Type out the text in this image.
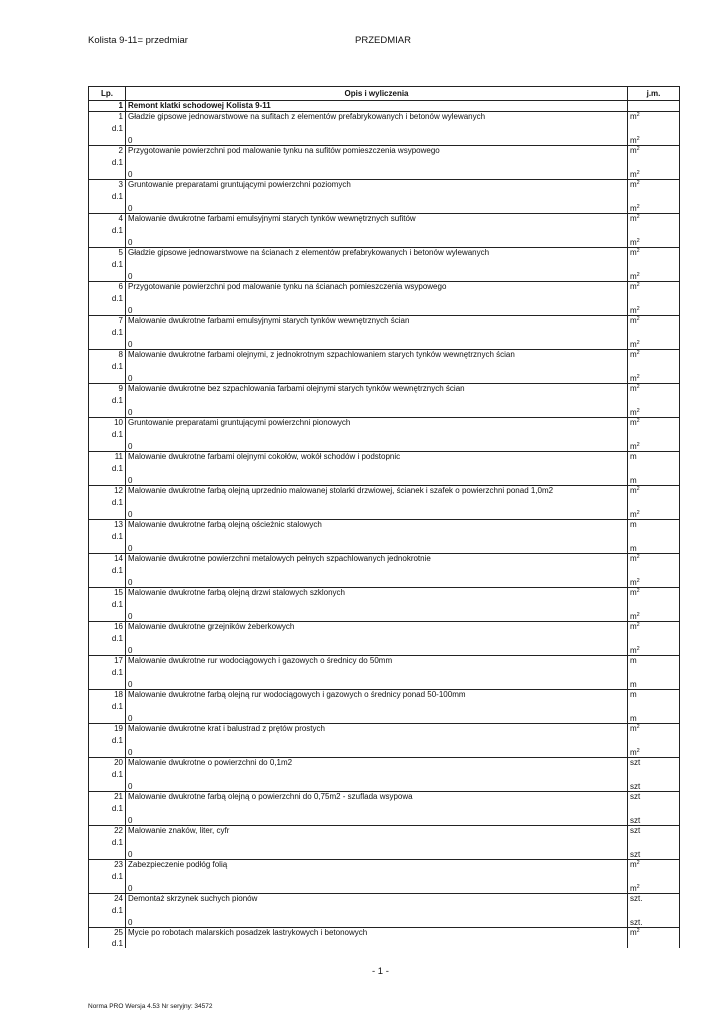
Kolista 9-11= przedmiar	PRZEDMIAR
Lp.	Opis i wyliczenia	j.m.
1	Remont klatki schodowej Kolista 9-11	
1	Gładzie gipsowe jednowarstwowe na sufitach z elementów prefabrykowanych i betonów wylewanych	$m^2$
d.1		
	0	$m^2$
2	Przygotowanie powierzchni pod malowanie tynku na sufitów pomieszczenia wsypowego	$m^2$
d.1		
	0	$m^2$
3	Gruntowanie preparatami gruntującymi powierzchni poziomych	$m^2$
d.1		
	0	$m^2$
4	Malowanie dwukrotne farbami emulsyjnymi starych tynków wewnętrznych sufitów	$m^2$
d.1		
	0	$m^2$
5	Gładzie gipsowe jednowarstwowe na ścianach z elementów prefabrykowanych i betonów wylewanych	$m^2$
d.1		
	0	$m^2$
6	Przygotowanie powierzchni pod malowanie tynku na ścianach pomieszczenia wsypowego	$m^2$
d.1		
	0	$m^2$
7	Malowanie dwukrotne farbami emulsyjnymi starych tynków wewnętrznych ścian	$m^2$
d.1		
	0	$m^2$
8	Malowanie dwukrotne farbami olejnymi, z jednokrotnym szpachlowaniem starych tynków wewnętrznych ścian	$m^2$
d.1		
	0	$m^2$
9	Malowanie dwukrotne bez szpachlowania farbami olejnymi starych tynków wewnętrznych ścian	$m^2$
d.1		
	0	$m^2$
10	Gruntowanie preparatami gruntującymi powierzchni pionowych	$m^2$
d.1		
	0	$m^2$
11	Malowanie dwukrotne farbami olejnymi cokołów, wokół schodów i podstopnic	m
d.1		
	0	m
12	Malowanie dwukrotne farbą olejną uprzednio malowanej stolarki drzwiowej, ścianek i szafek o powierzchni ponad 1,0m2	$m^2$
d.1		
	0	$m^2$
13	Malowanie dwukrotne farbą olejną ościeżnic stalowych	m
d.1		
	0	m
14	Malowanie dwukrotne powierzchni metalowych pełnych szpachlowanych jednokrotnie	$m^2$
d.1		
	0	$m^2$
15	Malowanie dwukrotne farbą olejną drzwi stalowych szklonych	$m^2$
d.1		
	0	$m^2$
16	Malowanie dwukrotne grzejników żeberkowych	$m^2$
d.1		
	0	$m^2$
17	Malowanie dwukrotne rur wodociągowych i gazowych o średnicy do 50mm	m
d.1		
	0	m
18	Malowanie dwukrotne farbą olejną rur wodociągowych i gazowych o średnicy ponad 50-100mm	m
d.1		
	0	m
19	Malowanie dwukrotne krat i balustrad z prętów prostych	$m^2$
d.1		
	0	$m^2$
20	Malowanie dwukrotne o powierzchni do 0,1m2	szt
d.1		
	0	szt
21	Malowanie dwukrotne farbą olejną o powierzchni do 0,75m2 - szuflada wsypowa	szt
d.1		
	0	szt
22	Malowanie znaków, liter, cyfr	szt
d.1		
	0	szt
23	Zabezpieczenie podłóg folią	$m^2$
d.1		
	0	$m^2$
24	Demontaż skrzynek suchych pionów	szt.
d.1		
	0	szt.
25	Mycie po robotach malarskich posadzek lastrykowych i betonowych	$m^2$
d.1		
- 1 -
Norma PRO Wersja 4.53 Nr seryjny: 34572
